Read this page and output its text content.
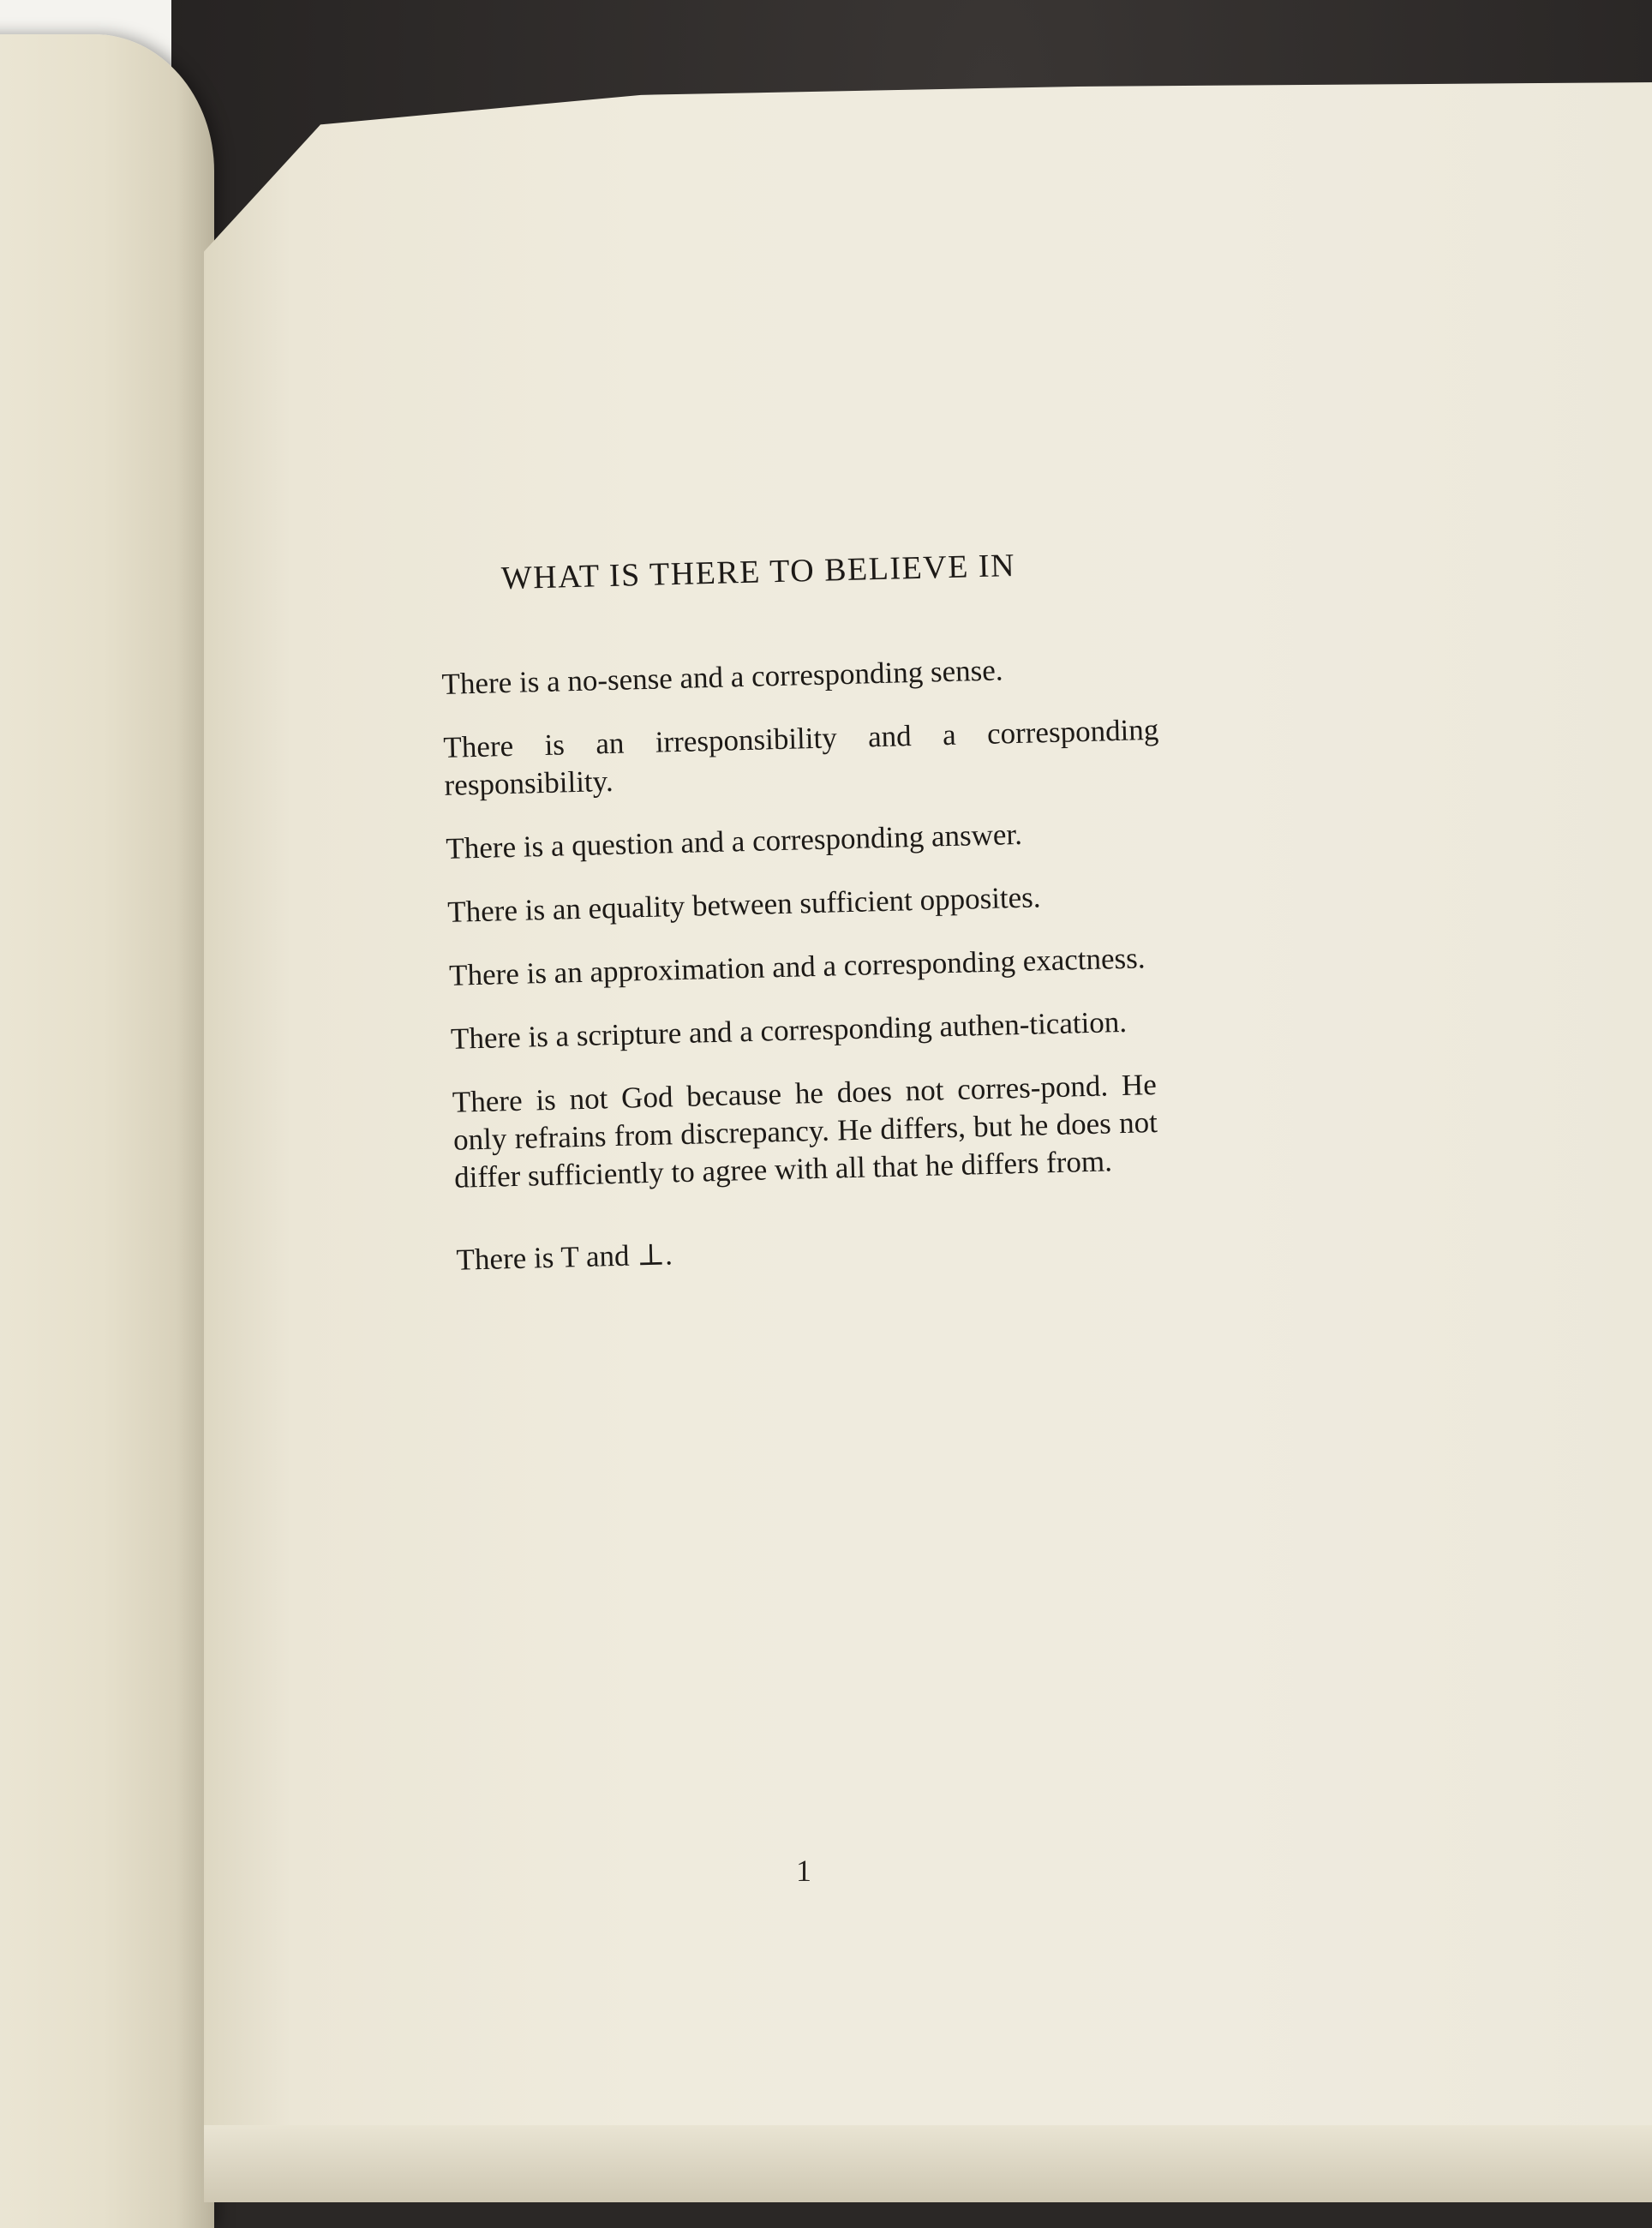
WHAT IS THERE TO BELIEVE IN

There is a no-sense and a corresponding sense.

There is an irresponsibility and a corresponding responsibility.

There is a question and a corresponding answer.

There is an equality between sufficient opposites.

There is an approximation and a corresponding exactness.

There is a scripture and a corresponding authen-tication.

There is not God because he does not corres-pond. He only refrains from discrepancy. He differs, but he does not differ sufficiently to agree with all that he differs from.

There is T and ⊥.

1
